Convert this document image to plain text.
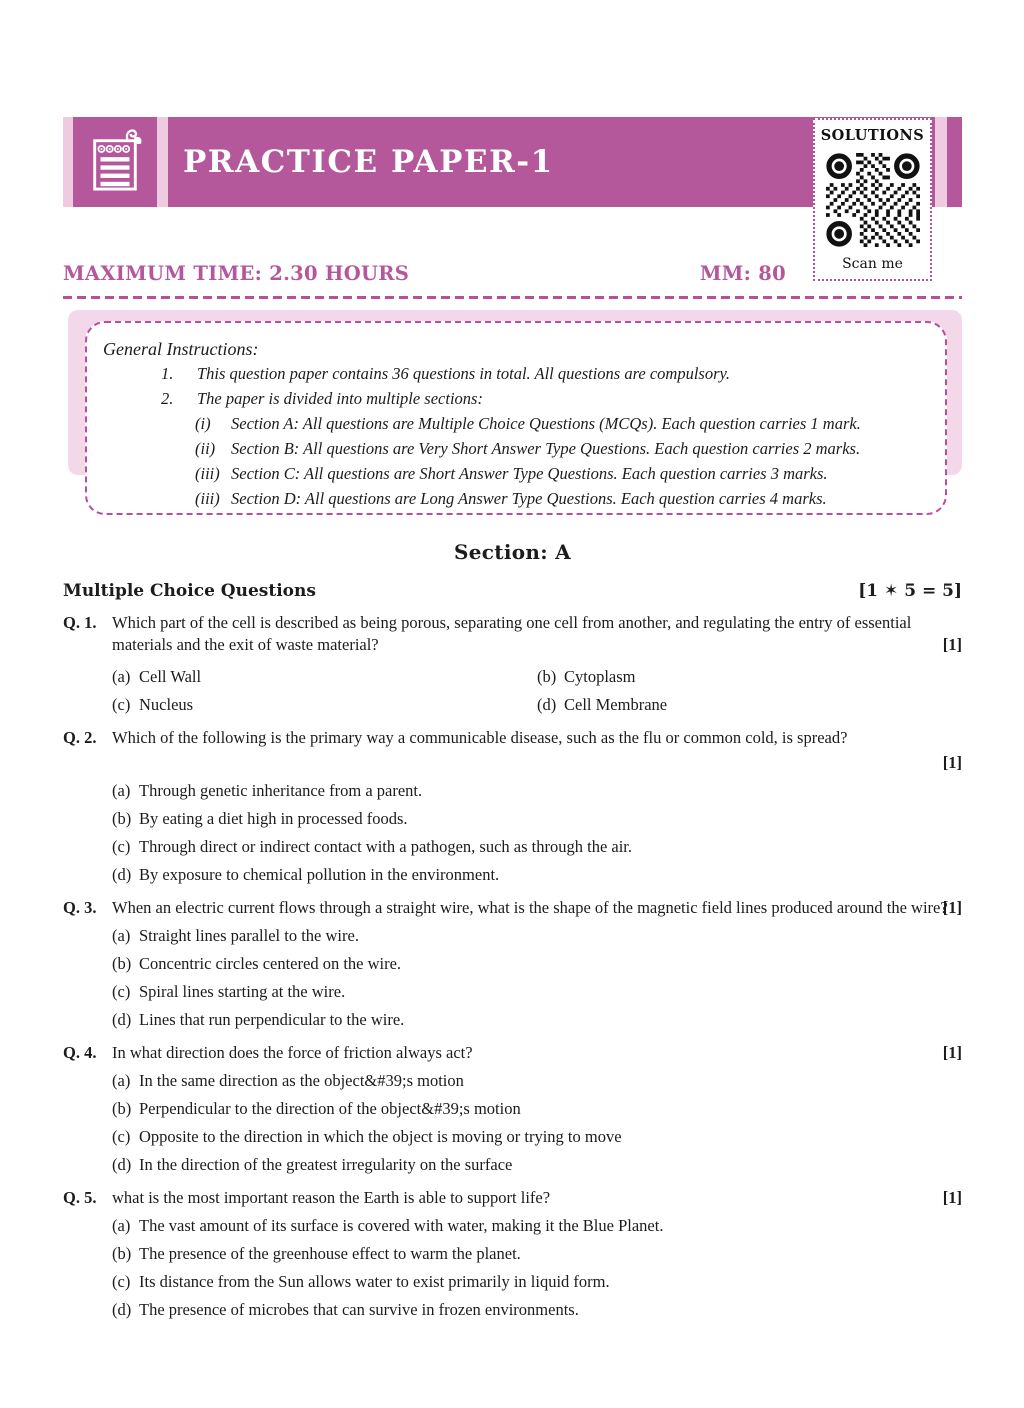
PRACTICE PAPER-1
SOLUTIONS
Scan me
MAXIMUM TIME: 2.30 HOURS	MM: 80
General Instructions:
1.	This question paper contains 36 questions in total. All questions are compulsory.
2.	The paper is divided into multiple sections:
(i)	Section A: All questions are Multiple Choice Questions (MCQs). Each question carries 1 mark.
(ii) Section B: All questions are Very Short Answer Type Questions. Each question carries 2 marks.
(iii) Section C: All questions are Short Answer Type Questions. Each question carries 3 marks.
(iii) Section D: All questions are Long Answer Type Questions. Each question carries 4 marks.
Section: A
Multiple Choice Questions	[1 ✶ 5 = 5]
Q. 1. Which part of the cell is described as being porous, separating one cell from another, and regulating the entry of essential materials and the exit of waste material?	[1]
(a) Cell Wall	(b) Cytoplasm
(c) Nucleus	(d) Cell Membrane
Q. 2. Which of the following is the primary way a communicable disease, such as the flu or common cold, is spread?
[1]
(a) Through genetic inheritance from a parent.
(b) By eating a diet high in processed foods.
(c) Through direct or indirect contact with a pathogen, such as through the air.
(d) By exposure to chemical pollution in the environment.
Q. 3. When an electric current flows through a straight wire, what is the shape of the magnetic field lines produced around the wire?
[1]
(a) Straight lines parallel to the wire.
(b) Concentric circles centered on the wire.
(c) Spiral lines starting at the wire.
(d) Lines that run perpendicular to the wire.
Q. 4. In what direction does the force of friction always act?	[1]
(a) In the same direction as the object&#39;s motion
(b) Perpendicular to the direction of the object&#39;s motion
(c) Opposite to the direction in which the object is moving or trying to move
(d) In the direction of the greatest irregularity on the surface
Q. 5. what is the most important reason the Earth is able to support life?	[1]
(a) The vast amount of its surface is covered with water, making it the Blue Planet.
(b) The presence of the greenhouse effect to warm the planet.
(c) Its distance from the Sun allows water to exist primarily in liquid form.
(d) The presence of microbes that can survive in frozen environments.
